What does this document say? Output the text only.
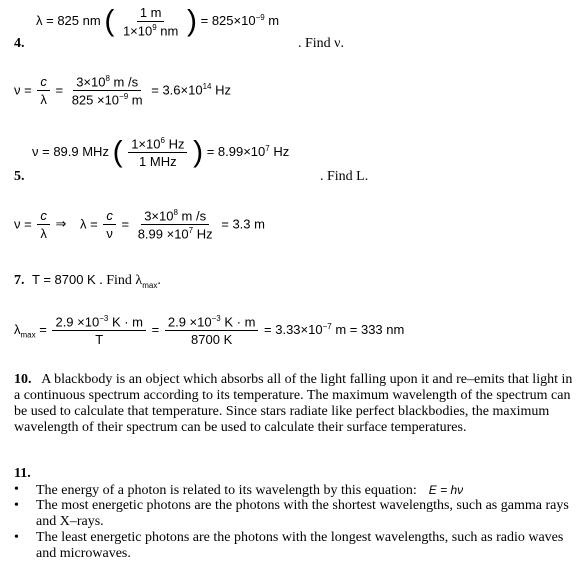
λ = 825 nm ( $\frac{1 m}{1\times 10^9 nm}$ ) = $825\times 10^{-9}$ m
4.	. Find ν.
$\nu = \frac{c}{\lambda} = \frac{3\times 10^8 m /s}{825 \times 10^{-9} m} = 3.6\times 10^{14}$ Hz
ν = 89.9 MHz ( $\frac{1\times 10^6 Hz}{\text{1 MHz}}$ ) = $8.99\times 10^7$ Hz
5.	. Find L.
$\nu = \frac{c}{\lambda}$ ⇒ $\lambda = \frac{c}{\nu} = \frac{3\times 10^8 m /s}{8.99 \times 10^7 Hz} = 3.3$ m
7. T = 8700 K . Find $\lambda_{max}$.
$\lambda_{max} = \frac{2.9 \times 10^{-3} K \cdot m}{T} = \frac{2.9 \times 10^{-3} K \cdot m}{8700 K} = 3.33\times 10^{-7}$ m = 333 nm
10. A blackbody is an object which absorbs all of the light falling upon it and re–emits that light in a continuous spectrum according to its temperature. The maximum wavelength of the spectrum can be used to calculate that temperature. Since stars radiate like perfect blackbodies, the maximum wavelength of their spectrum can be used to calculate their surface temperatures.
11.
• The energy of a photon is related to its wavelength by this equation: E = hν
• The most energetic photons are the photons with the shortest wavelengths, such as gamma rays and X–rays.
• The least energetic photons are the photons with the longest wavelengths, such as radio waves and microwaves.
